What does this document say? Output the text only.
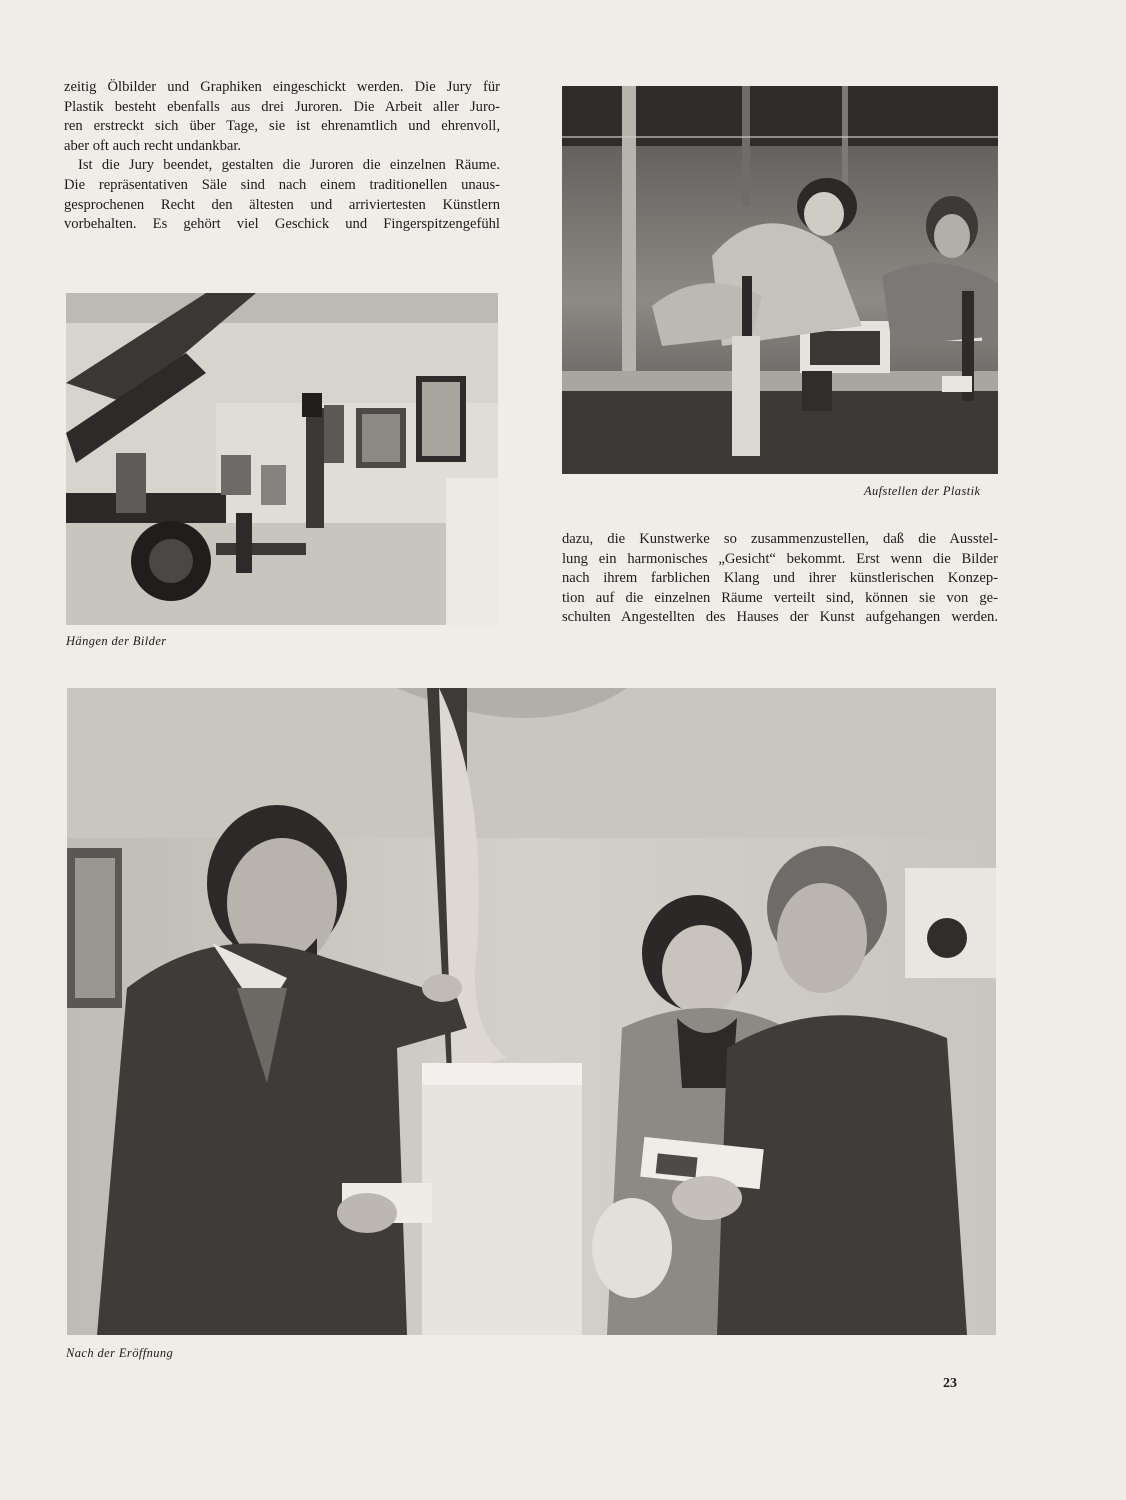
zeitig Ölbilder und Graphiken eingeschickt werden. Die Jury für

Plastik besteht ebenfalls aus drei Juroren. Die Arbeit aller Juro-

ren erstreckt sich über Tage, sie ist ehrenamtlich und ehrenvoll,

aber oft auch recht undankbar.

Ist die Jury beendet, gestalten die Juroren die einzelnen Räume.

Die repräsentativen Säle sind nach einem traditionellen unaus-

gesprochenen Recht den ältesten und arriviertesten Künstlern

vorbehalten. Es gehört viel Geschick und Fingerspitzengefühl

Aufstellen der Plastik

Hängen der Bilder

dazu, die Kunstwerke so zusammenzustellen, daß die Ausstel-

lung ein harmonisches „Gesicht“ bekommt. Erst wenn die Bilder

nach ihrem farblichen Klang und ihrer künstlerischen Konzep-

tion auf die einzelnen Räume verteilt sind, können sie von ge-

schulten Angestellten des Hauses der Kunst aufgehangen werden.

Nach der Eröffnung

23
